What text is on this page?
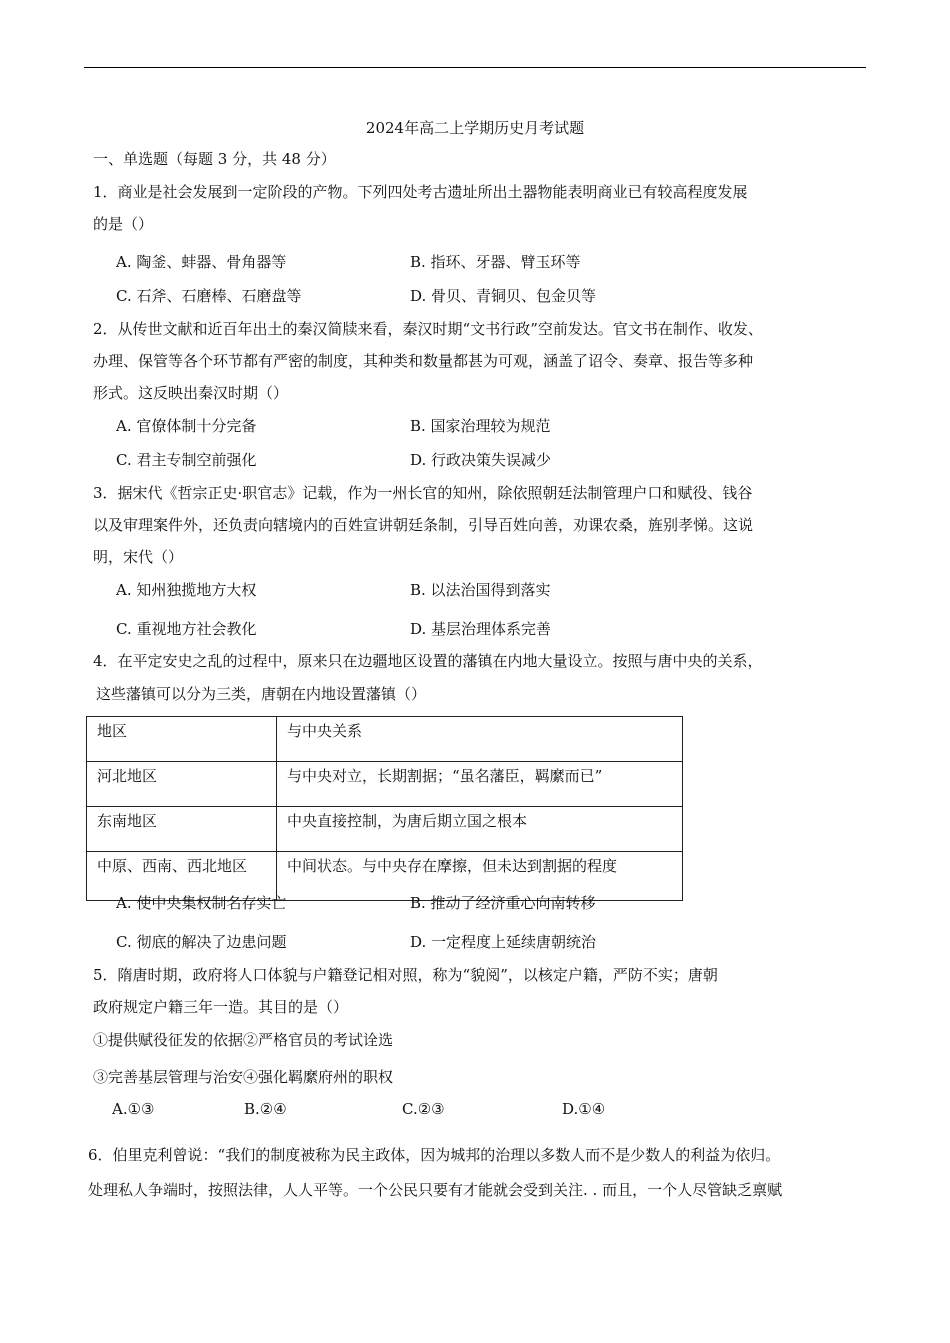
2024年高二上学期历史月考试题
一、单选题（每题 3 分，共 48 分）
1．商业是社会发展到一定阶段的产物。下列四处考古遗址所出土器物能表明商业已有较高程度发展
的是（）
A. 陶釜、蚌器、骨角器等	B. 指环、牙器、臂玉环等
C. 石斧、石磨棒、石磨盘等	D. 骨贝、青铜贝、包金贝等
2．从传世文献和近百年出土的秦汉简牍来看，秦汉时期“文书行政”空前发达。官文书在制作、收发、
办理、保管等各个环节都有严密的制度，其种类和数量都甚为可观，涵盖了诏令、奏章、报告等多种
形式。这反映出秦汉时期（）
A. 官僚体制十分完备	B. 国家治理较为规范
C. 君主专制空前强化	D. 行政决策失误减少
3．据宋代《哲宗正史·职官志》记载，作为一州长官的知州，除依照朝廷法制管理户口和赋役、钱谷
以及审理案件外，还负责向辖境内的百姓宣讲朝廷条制，引导百姓向善，劝课农桑，旌别孝悌。这说
明，宋代（）
A. 知州独揽地方大权	B. 以法治国得到落实
C. 重视地方社会教化	D. 基层治理体系完善
4．在平定安史之乱的过程中，原来只在边疆地区设置的藩镇在内地大量设立。按照与唐中央的关系，
这些藩镇可以分为三类，唐朝在内地设置藩镇（）
地区	与中央关系
河北地区	与中央对立，长期割据；“虽名藩臣，羁縻而已”
东南地区	中央直接控制，为唐后期立国之根本
中原、西南、西北地区	中间状态。与中央存在摩擦，但未达到割据的程度
A. 使中央集权制名存实亡	B. 推动了经济重心向南转移
C. 彻底的解决了边患问题	D. 一定程度上延续唐朝统治
5．隋唐时期，政府将人口体貌与户籍登记相对照，称为“貌阅”，以核定户籍，严防不实；唐朝
政府规定户籍三年一造。其目的是（）
①提供赋役征发的依据②严格官员的考试诠选
③完善基层管理与治安④强化羁縻府州的职权
A.①③	B.②④	C.②③	D.①④
6．伯里克利曾说：“我们的制度被称为民主政体，因为城邦的治理以多数人而不是少数人的利益为依归。
处理私人争端时，按照法律，人人平等。一个公民只要有才能就会受到关注. . 而且，一个人尽管缺乏禀赋
